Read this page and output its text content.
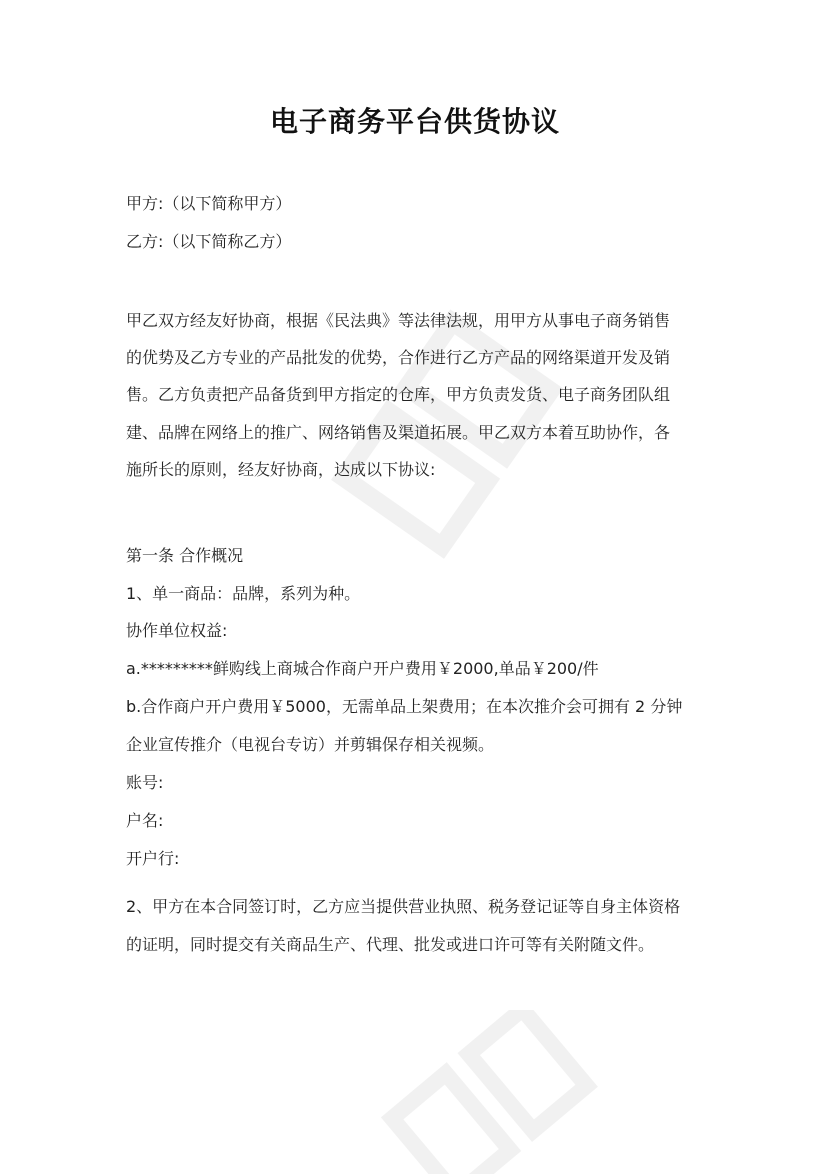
电子商务平台供货协议
甲方:（以下简称甲方）
乙方:（以下简称乙方）
甲乙双方经友好协商，根据《民法典》等法律法规，用甲方从事电子商务销售
的优势及乙方专业的产品批发的优势，合作进行乙方产品的网络渠道开发及销
售。乙方负责把产品备货到甲方指定的仓库，甲方负责发货、电子商务团队组
建、品牌在网络上的推广、网络销售及渠道拓展。甲乙双方本着互助协作，各
施所长的原则，经友好协商，达成以下协议:
第一条 合作概况
1、单一商品：品牌，系列为种。
协作单位权益:
a.*********鲜购线上商城合作商户开户费用￥2000,单品￥200/件
b.合作商户开户费用￥5000，无需单品上架费用；在本次推介会可拥有 2 分钟
企业宣传推介（电视台专访）并剪辑保存相关视频。
账号:
户名:
开户行:
2、甲方在本合同签订时，乙方应当提供营业执照、税务登记证等自身主体资格
的证明，同时提交有关商品生产、代理、批发或进口许可等有关附随文件。
